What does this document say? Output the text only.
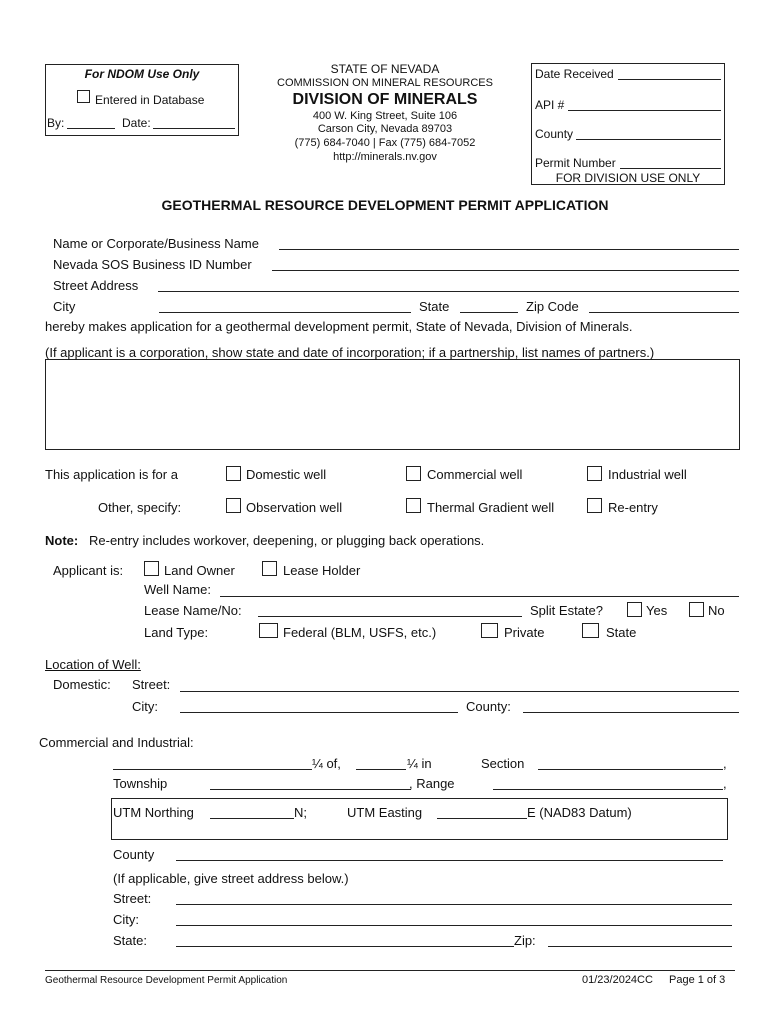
For NDOM Use Only
Entered in Database
By:	Date:
STATE OF NEVADA
COMMISSION ON MINERAL RESOURCES
DIVISION OF MINERALS
400 W. King Street, Suite 106
Carson City, Nevada 89703
(775) 684-7040 | Fax (775) 684-7052
http://minerals.nv.gov
Date Received
API #
County
Permit Number
FOR DIVISION USE ONLY
GEOTHERMAL RESOURCE DEVELOPMENT PERMIT APPLICATION
Name or Corporate/Business Name
Nevada SOS Business ID Number
Street Address
City	State	Zip Code
hereby makes application for a geothermal development permit, State of Nevada, Division of Minerals.
(If applicant is a corporation, show state and date of incorporation; if a partnership, list names of partners.)
This application is for a	Domestic well	Commercial well	Industrial well
Other, specify:	Observation well	Thermal Gradient well	Re-entry
Note: Re-entry includes workover, deepening, or plugging back operations.
Applicant is:	Land Owner	Lease Holder
Well Name:
Lease Name/No:	Split Estate?	Yes	No
Land Type:	Federal (BLM, USFS, etc.)	Private	State
Location of Well:
Domestic: Street:
City:	County:
Commercial and Industrial:
¼ of,	¼ in	Section	,
Township	, Range	,
UTM Northing	N;	UTM Easting	E (NAD83 Datum)
County
(If applicable, give street address below.)
Street:
City:
State:	Zip:
Geothermal Resource Development Permit Application	01/23/2024CC Page 1 of 3
